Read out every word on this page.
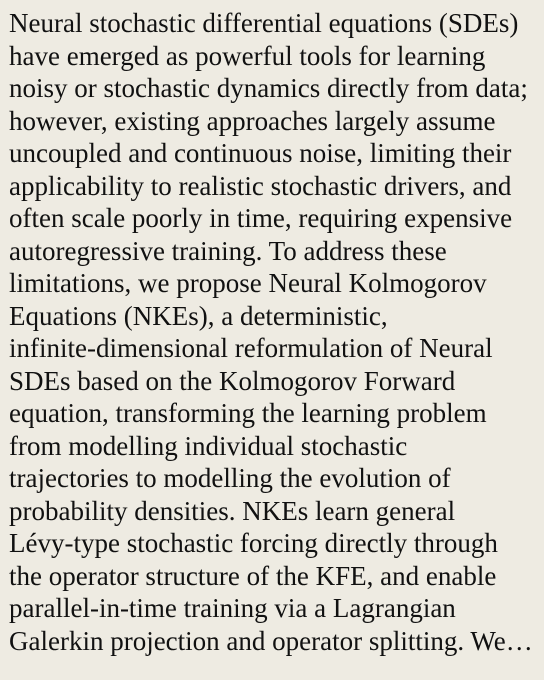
Neural stochastic differential equations (SDEs)
have emerged as powerful tools for learning
noisy or stochastic dynamics directly from data;
however, existing approaches largely assume
uncoupled and continuous noise, limiting their
applicability to realistic stochastic drivers, and
often scale poorly in time, requiring expensive
autoregressive training. To address these
limitations, we propose Neural Kolmogorov
Equations (NKEs), a deterministic,
infinite-dimensional reformulation of Neural
SDEs based on the Kolmogorov Forward
equation, transforming the learning problem
from modelling individual stochastic
trajectories to modelling the evolution of
probability densities. NKEs learn general
Lévy-type stochastic forcing directly through
the operator structure of the KFE, and enable
parallel-in-time training via a Lagrangian
Galerkin projection and operator splitting. We…
